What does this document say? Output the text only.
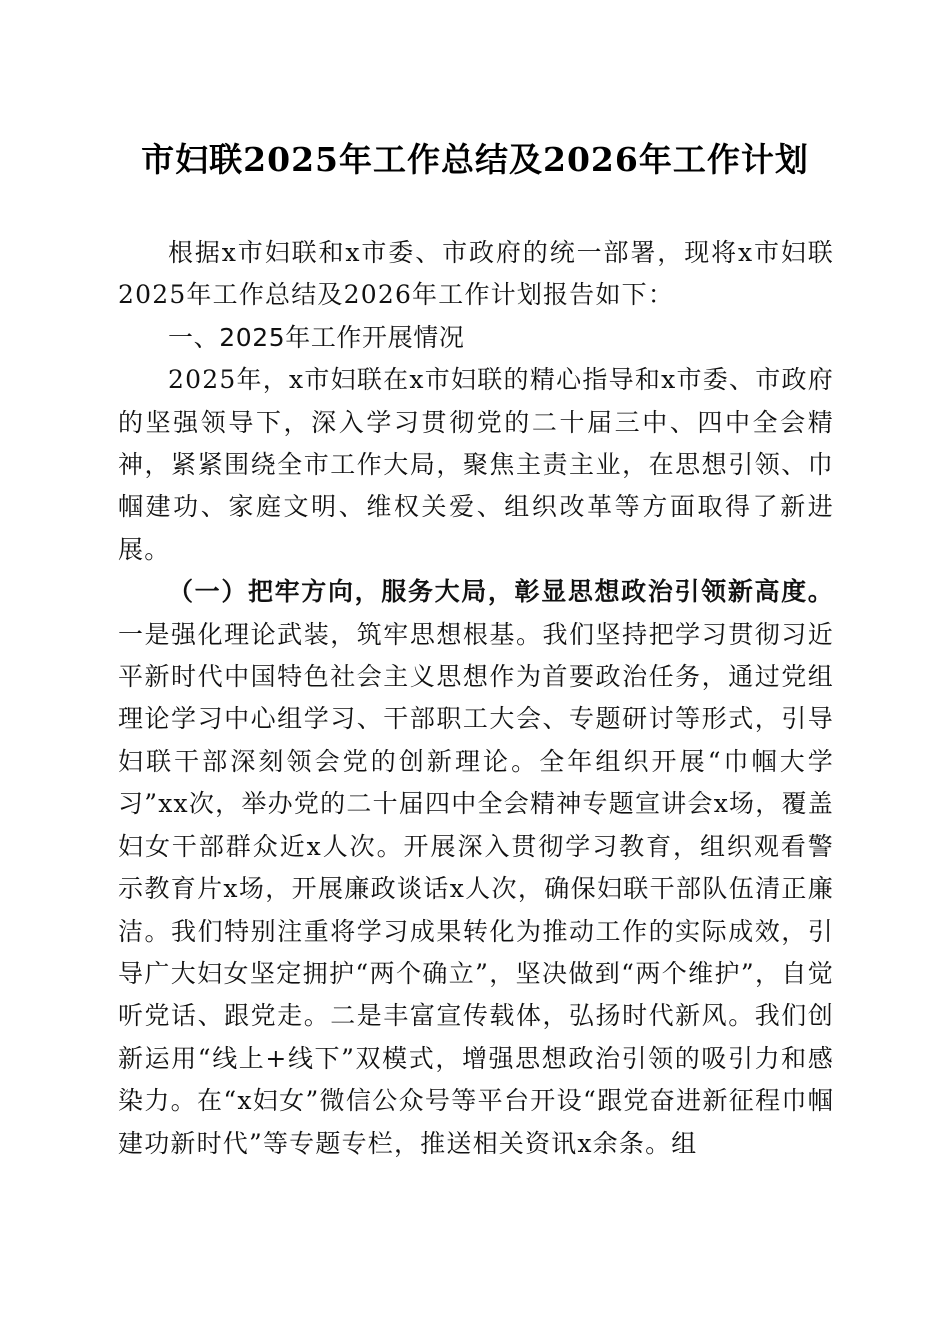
市妇联2025年工作总结及2026年工作计划

根据x市妇联和x市委、市政府的统一部署，现将x市妇联2025年工作总结及2026年工作计划报告如下：

一、2025年工作开展情况

2025年，x市妇联在x市妇联的精心指导和x市委、市政府的坚强领导下，深入学习贯彻党的二十届三中、四中全会精神，紧紧围绕全市工作大局，聚焦主责主业，在思想引领、巾帼建功、家庭文明、维权关爱、组织改革等方面取得了新进展。

（一）把牢方向，服务大局，彰显思想政治引领新高度。一是强化理论武装，筑牢思想根基。我们坚持把学习贯彻习近平新时代中国特色社会主义思想作为首要政治任务，通过党组理论学习中心组学习、干部职工大会、专题研讨等形式，引导妇联干部深刻领会党的创新理论。全年组织开展“巾帼大学习”xx次，举办党的二十届四中全会精神专题宣讲会x场，覆盖妇女干部群众近x人次。开展深入贯彻学习教育，组织观看警示教育片x场，开展廉政谈话x人次，确保妇联干部队伍清正廉洁。我们特别注重将学习成果转化为推动工作的实际成效，引导广大妇女坚定拥护“两个确立”，坚决做到“两个维护”，自觉听党话、跟党走。二是丰富宣传载体，弘扬时代新风。我们创新运用“线上+线下”双模式，增强思想政治引领的吸引力和感染力。在“x妇女”微信公众号等平台开设“跟党奋进新征程巾帼建功新时代”等专题专栏，推送相关资讯x余条。组
